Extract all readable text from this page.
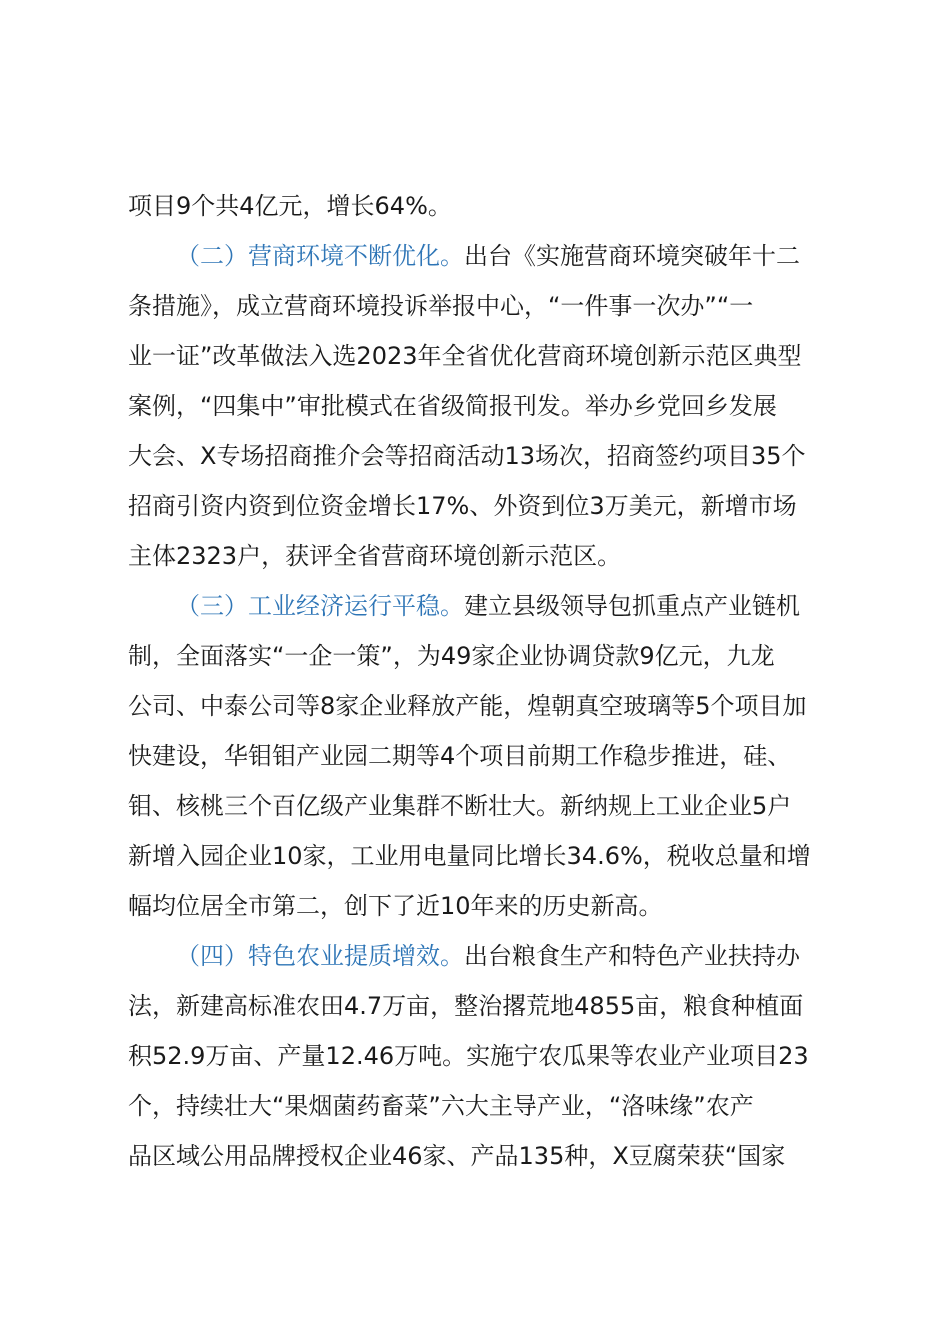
项目9个共4亿元，增长64%。
（二）营商环境不断优化。出台《实施营商环境突破年十二
条措施》，成立营商环境投诉举报中心，“一件事一次办”“一
业一证”改革做法入选2023年全省优化营商环境创新示范区典型
案例，“四集中”审批模式在省级简报刊发。举办乡党回乡发展
大会、X专场招商推介会等招商活动13场次，招商签约项目35个
招商引资内资到位资金增长17%、外资到位3万美元，新增市场
主体2323户，获评全省营商环境创新示范区。
（三）工业经济运行平稳。建立县级领导包抓重点产业链机
制，全面落实“一企一策”，为49家企业协调贷款9亿元，九龙
公司、中泰公司等8家企业释放产能，煌朝真空玻璃等5个项目加
快建设，华钼钼产业园二期等4个项目前期工作稳步推进，硅、
钼、核桃三个百亿级产业集群不断壮大。新纳规上工业企业5户
新增入园企业10家，工业用电量同比增长34.6%，税收总量和增
幅均位居全市第二，创下了近10年来的历史新高。
（四）特色农业提质增效。出台粮食生产和特色产业扶持办
法，新建高标准农田4.7万亩，整治撂荒地4855亩，粮食种植面
积52.9万亩、产量12.46万吨。实施宁农瓜果等农业产业项目23
个，持续壮大“果烟菌药畜菜”六大主导产业，“洛味缘”农产
品区域公用品牌授权企业46家、产品135种，X豆腐荣获“国家
